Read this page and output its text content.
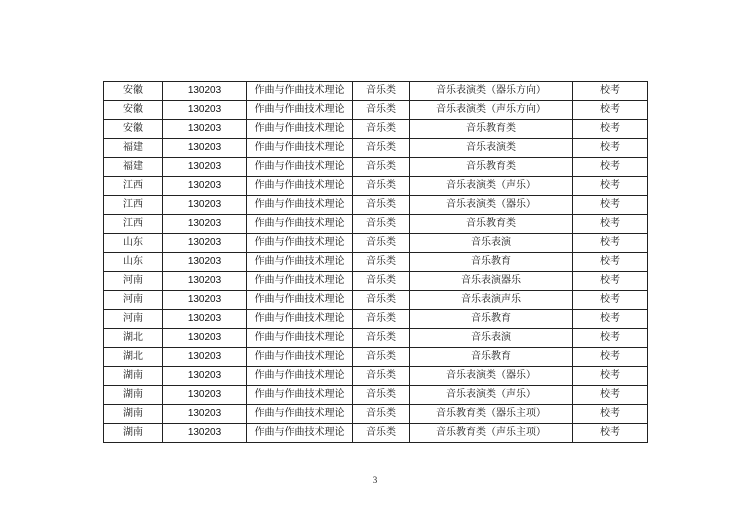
安徽	130203	作曲与作曲技术理论	音乐类	音乐表演类（器乐方向）	校考
安徽	130203	作曲与作曲技术理论	音乐类	音乐表演类（声乐方向）	校考
安徽	130203	作曲与作曲技术理论	音乐类	音乐教育类	校考
福建	130203	作曲与作曲技术理论	音乐类	音乐表演类	校考
福建	130203	作曲与作曲技术理论	音乐类	音乐教育类	校考
江西	130203	作曲与作曲技术理论	音乐类	音乐表演类（声乐）	校考
江西	130203	作曲与作曲技术理论	音乐类	音乐表演类（器乐）	校考
江西	130203	作曲与作曲技术理论	音乐类	音乐教育类	校考
山东	130203	作曲与作曲技术理论	音乐类	音乐表演	校考
山东	130203	作曲与作曲技术理论	音乐类	音乐教育	校考
河南	130203	作曲与作曲技术理论	音乐类	音乐表演器乐	校考
河南	130203	作曲与作曲技术理论	音乐类	音乐表演声乐	校考
河南	130203	作曲与作曲技术理论	音乐类	音乐教育	校考
湖北	130203	作曲与作曲技术理论	音乐类	音乐表演	校考
湖北	130203	作曲与作曲技术理论	音乐类	音乐教育	校考
湖南	130203	作曲与作曲技术理论	音乐类	音乐表演类（器乐）	校考
湖南	130203	作曲与作曲技术理论	音乐类	音乐表演类（声乐）	校考
湖南	130203	作曲与作曲技术理论	音乐类	音乐教育类（器乐主项）	校考
湖南	130203	作曲与作曲技术理论	音乐类	音乐教育类（声乐主项）	校考
3
